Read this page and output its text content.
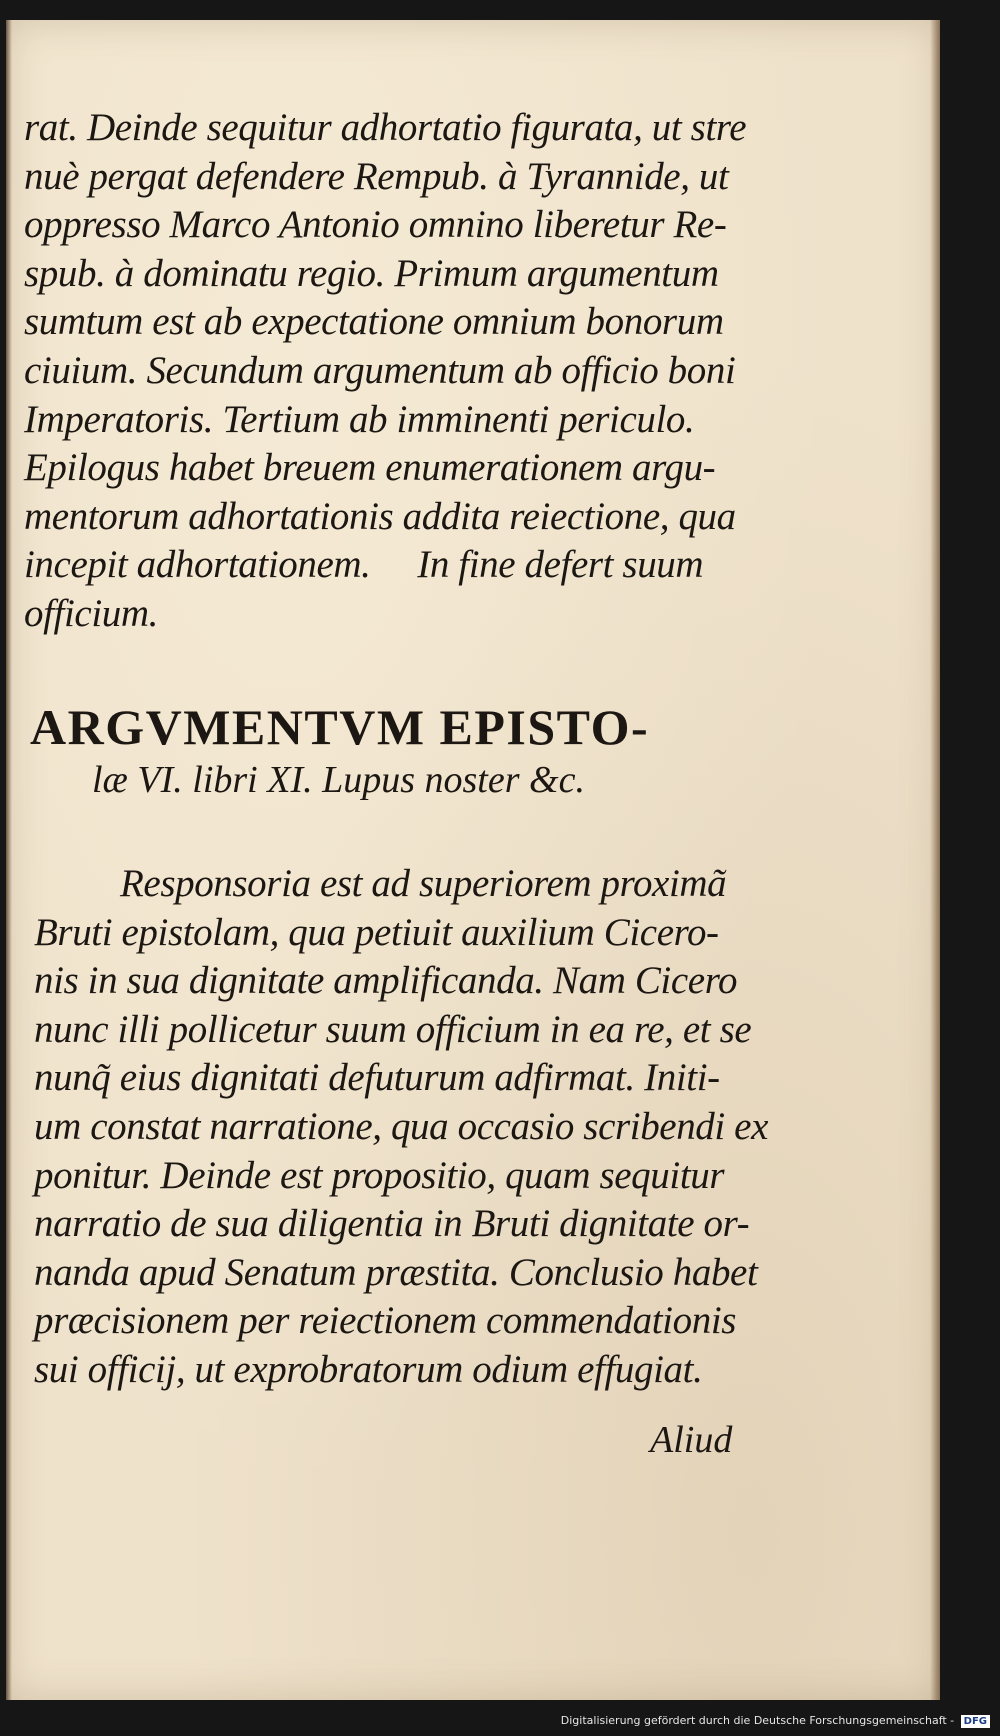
rat. Deinde sequitur adhortatio figurata, ut stre
nuè pergat defendere Rempub. à Tyrannide, ut
oppresso Marco Antonio omnino liberetur Re-
spub. à dominatu regio. Primum argumentum
sumtum est ab expectatione omnium bonorum
ciuium. Secundum argumentum ab officio boni
Imperatoris. Tertium ab imminenti periculo.
Epilogus habet breuem enumerationem argu-
mentorum adhortationis addita reiectione, qua
incepit adhortationem.     In fine defert suum
officium.
ARGVMENTVM EPISTO-
læ VI. libri XI. Lupus noster &c.
Responsoria est ad superiorem proximã
Bruti epistolam, qua petiuit auxilium Cicero-
nis in sua dignitate amplificanda. Nam Cicero
nunc illi pollicetur suum officium in ea re, et se
nunq̃ eius dignitati defuturum adfirmat. Initi-
um constat narratione, qua occasio scribendi ex
ponitur. Deinde est propositio, quam sequitur
narratio de sua diligentia in Bruti dignitate or-
nanda apud Senatum præstita. Conclusio habet
præcisionem per reiectionem commendationis
sui officij, ut exprobratorum odium effugiat.
Aliud
Digitalisierung gefördert durch die Deutsche Forschungsgemeinschaft - DFG
